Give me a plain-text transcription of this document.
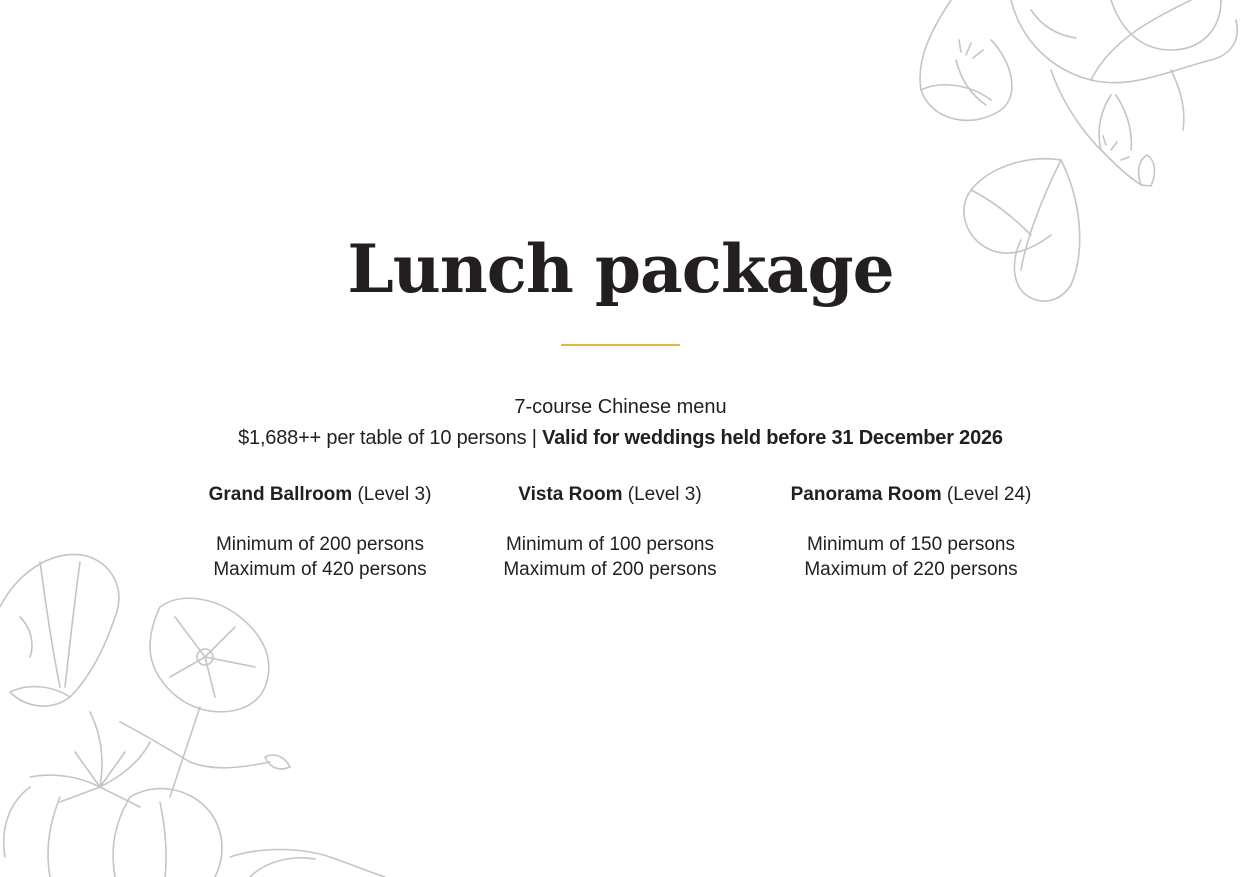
Lunch package
7-course Chinese menu
$1,688++ per table of 10 persons | Valid for weddings held before 31 December 2026

Grand Ballroom (Level 3)

Minimum of 200 persons

Maximum of 420 persons

Vista Room (Level 3)

Minimum of 100 persons

Maximum of 200 persons

Panorama Room (Level 24)

Minimum of 150 persons

Maximum of 220 persons
